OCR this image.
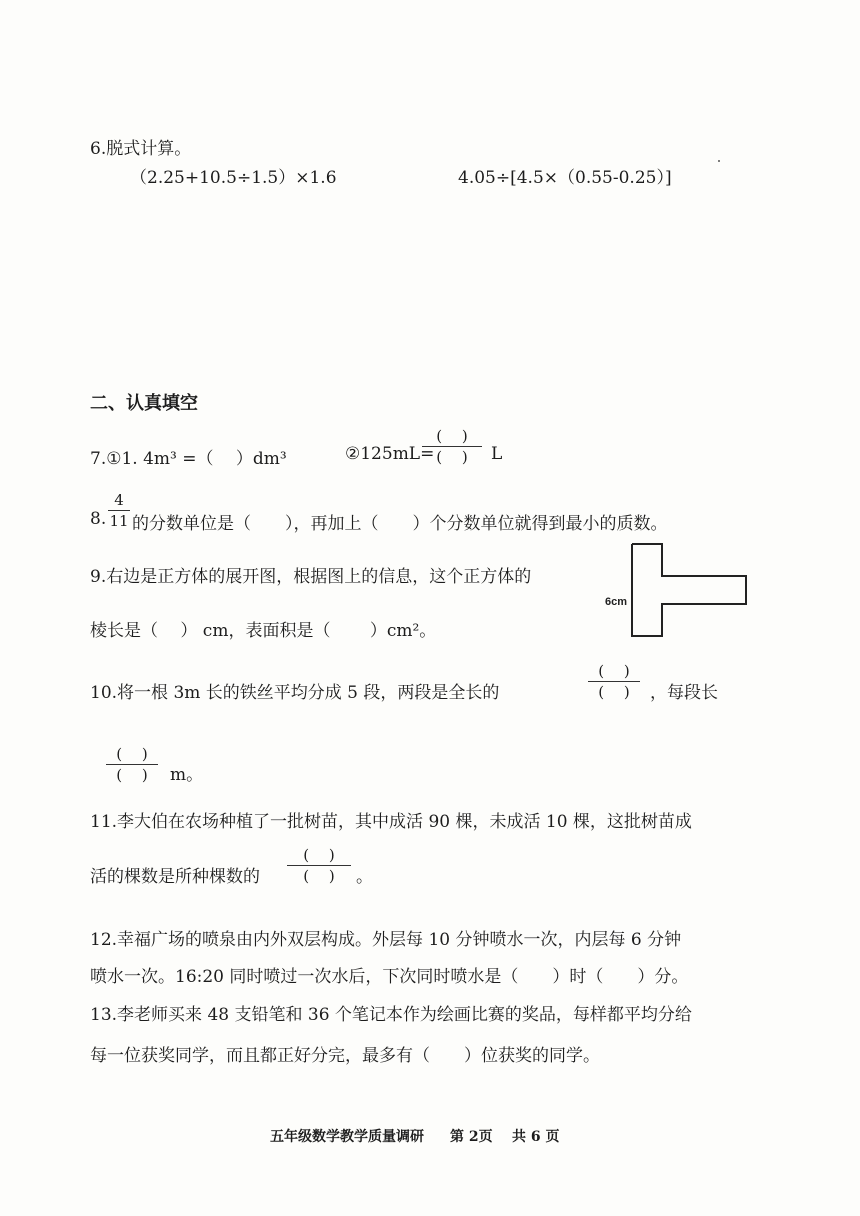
6.脱式计算。
（2.25+10.5÷1.5）×1.6	4.05÷[4.5×（0.55-0.25）]
二、认真填空
7.①1. 4m³ =（　 ）dm³	②125mL=
(　 )
(　 )	L
8.
4
11 的分数单位是（　　），再加上（　　）个分数单位就得到最小的质数。
9.右边是正方体的展开图，根据图上的信息，这个正方体的
棱长是（　 ） cm，表面积是（　　 ）cm²。
6cm
10.将一根 3m 长的铁丝平均分成 5 段，两段是全长的
(　 )
(　 )	，每段长
(　 )
(　 )	m。
11.李大伯在农场种植了一批树苗，其中成活 90 棵，未成活 10 棵，这批树苗成
活的棵数是所种棵数的
(　 )
(　 )	。
12.幸福广场的喷泉由内外双层构成。外层每 10 分钟喷水一次，内层每 6 分钟
喷水一次。16:20 同时喷过一次水后，下次同时喷水是（　　）时（　　）分。
13.李老师买来 48 支铅笔和 36 个笔记本作为绘画比赛的奖品，每样都平均分给
每一位获奖同学，而且都正好分完，最多有（　　）位获奖的同学。
五年级数学教学质量调研 第 2页 共 6 页
